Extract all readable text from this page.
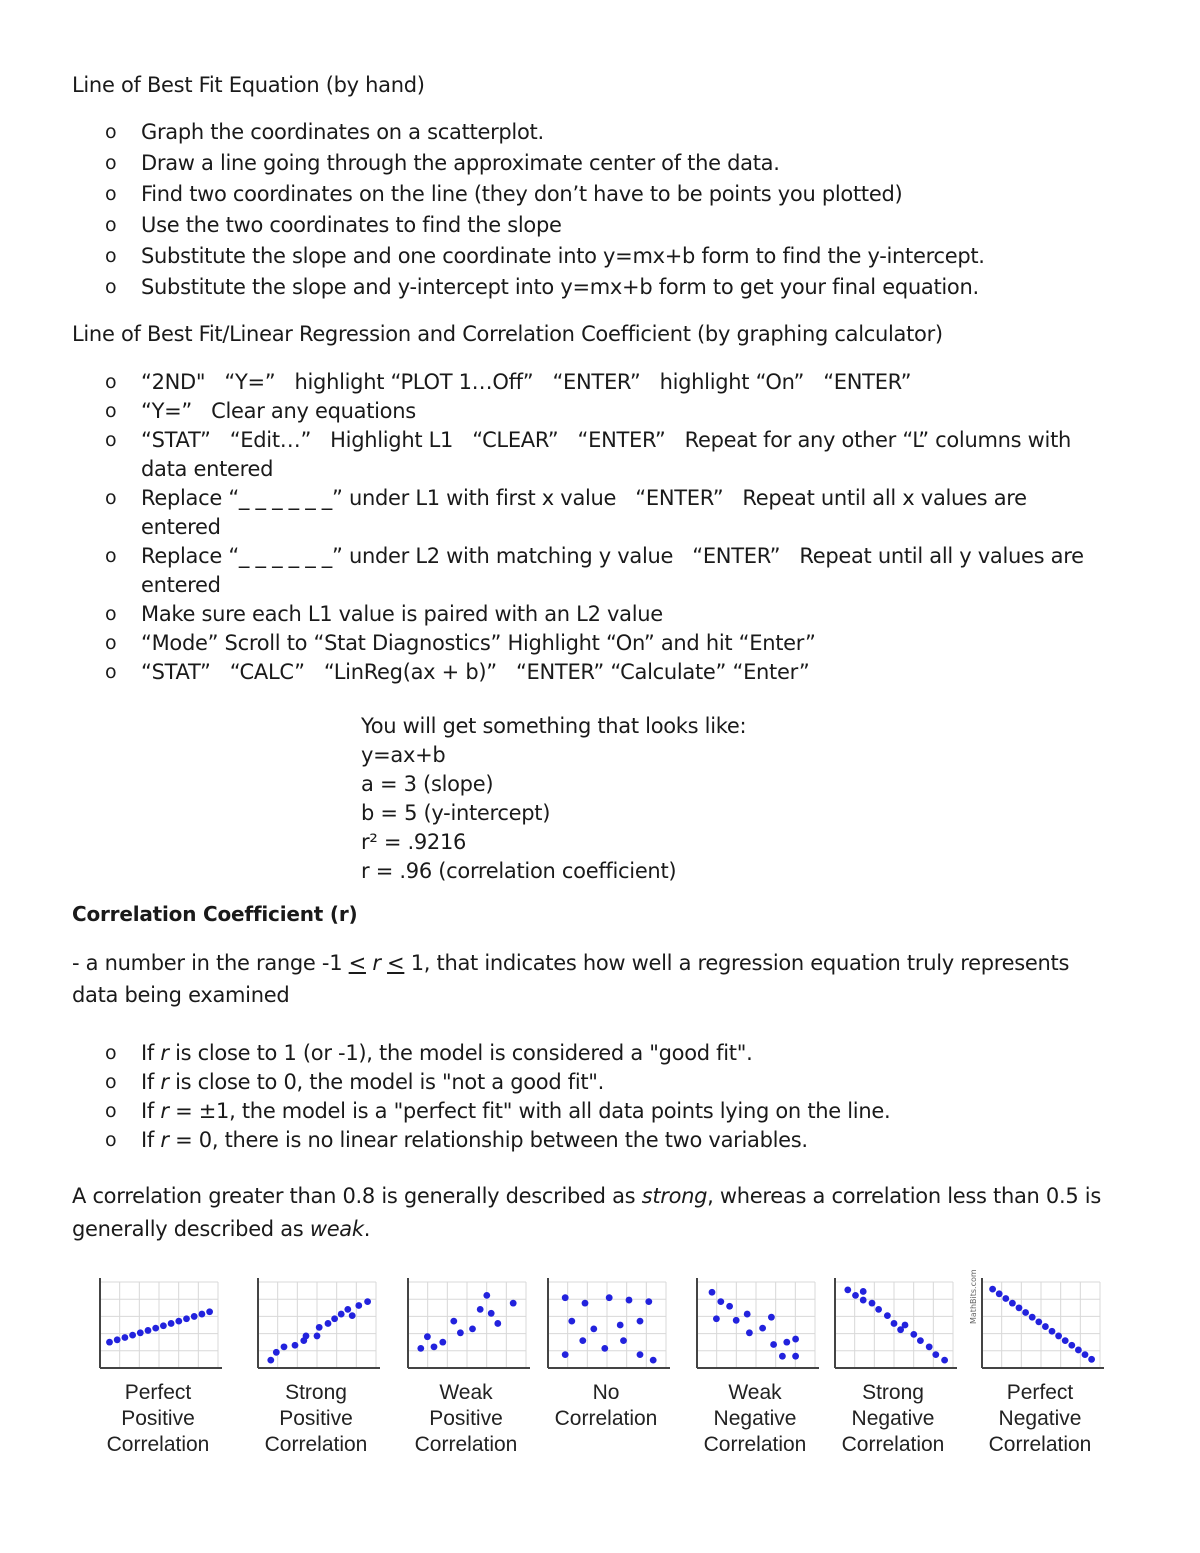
Line of Best Fit Equation (by hand)
o Graph the coordinates on a scatterplot.
o Draw a line going through the approximate center of the data.
o Find two coordinates on the line (they don’t have to be points you plotted)
o Use the two coordinates to find the slope
o Substitute the slope and one coordinate into y=mx+b form to find the y-intercept.
o Substitute the slope and y-intercept into y=mx+b form to get your final equation.
Line of Best Fit/Linear Regression and Correlation Coefficient (by graphing calculator)
o “2ND"   “Y=”   highlight “PLOT 1…Off”   “ENTER”   highlight “On”   “ENTER”
o “Y=”   Clear any equations
o “STAT”   “Edit…”   Highlight L1   “CLEAR”   “ENTER”   Repeat for any other “L” columns with data entered
o Replace “_ _ _ _ _ _” under L1 with first x value   “ENTER”   Repeat until all x values are entered
o Replace “_ _ _ _ _ _” under L2 with matching y value   “ENTER”   Repeat until all y values are entered
o Make sure each L1 value is paired with an L2 value
o “Mode” Scroll to “Stat Diagnostics” Highlight “On” and hit “Enter”
o “STAT”   “CALC”   “LinReg(ax + b)”   “ENTER” “Calculate” “Enter”
You will get something that looks like:
y=ax+b
a = 3 (slope)
b = 5 (y-intercept)
r² = .9216
r = .96 (correlation coefficient)
Correlation Coefficient (r)
- a number in the range -1 ≤ r ≤ 1, that indicates how well a regression equation truly represents data being examined
o If r is close to 1 (or -1), the model is considered a "good fit".
o If r is close to 0, the model is "not a good fit".
o If r = ±1, the model is a "perfect fit" with all data points lying on the line.
o If r = 0, there is no linear relationship between the two variables.
A correlation greater than 0.8 is generally described as strong, whereas a correlation less than 0.5 is generally described as weak.
Perfect
Positive
Correlation
Strong
Positive
Correlation
Weak
Positive
Correlation
No
Correlation
Weak
Negative
Correlation
Strong
Negative
Correlation
MathBits.com
Perfect
Negative
Correlation
